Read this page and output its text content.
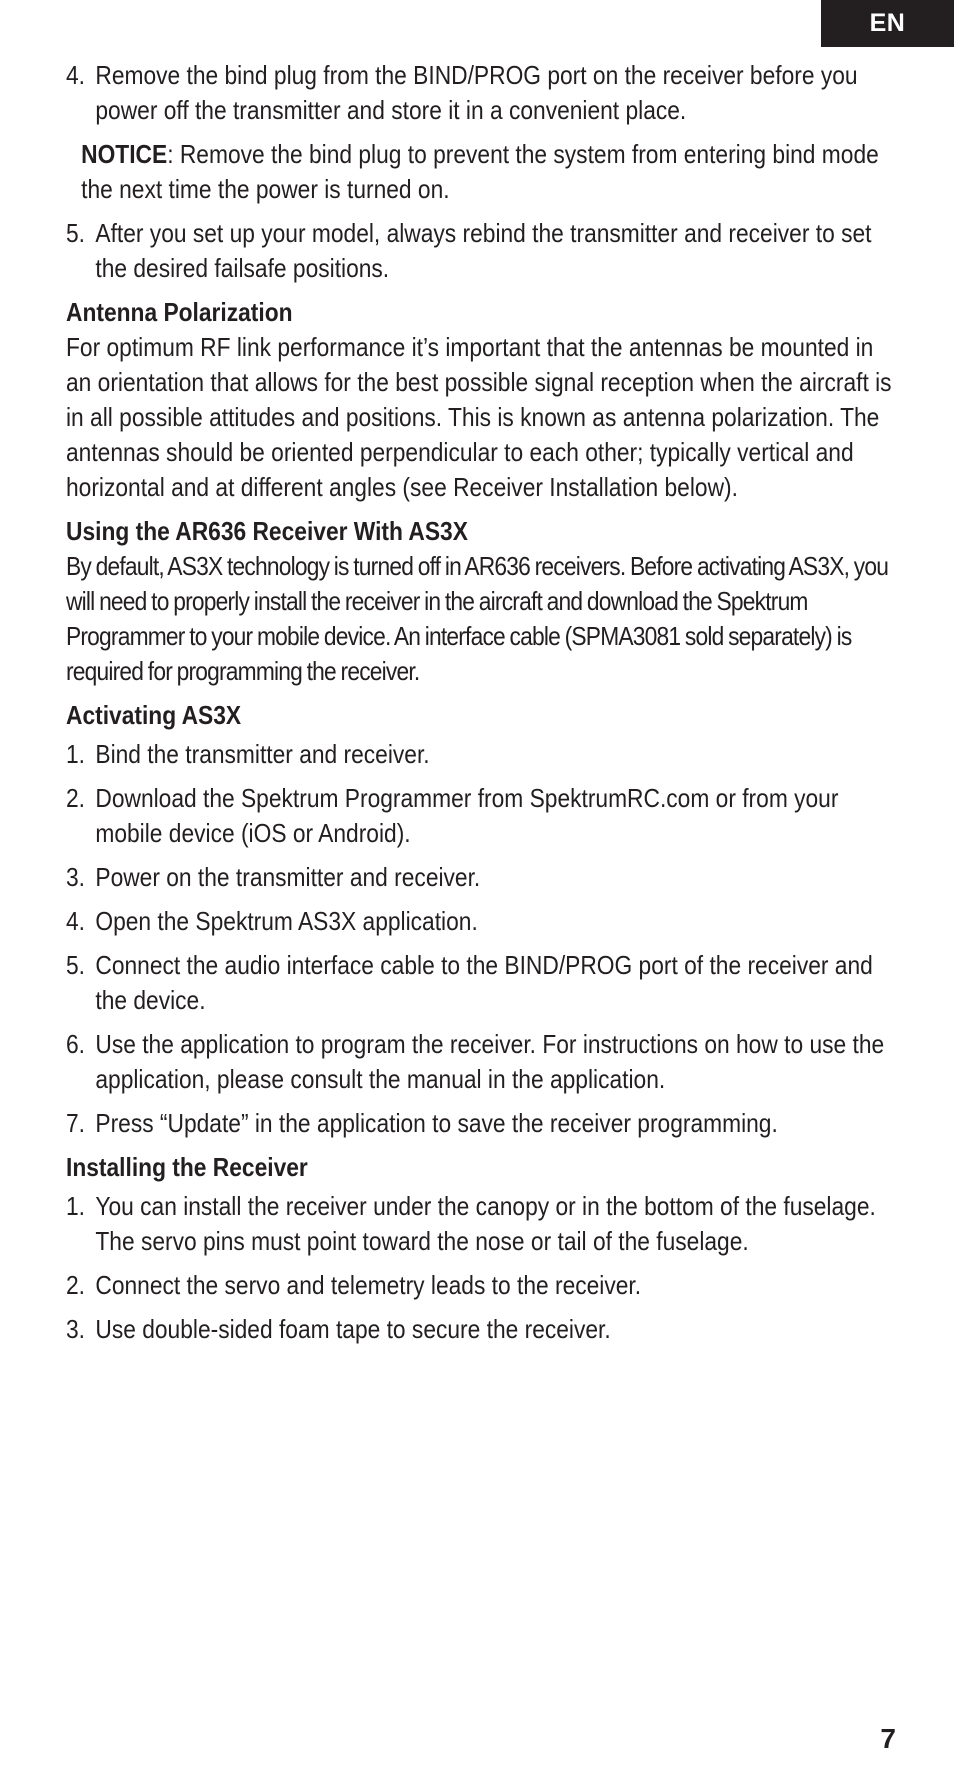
EN
4. Remove the bind plug from the BIND/PROG port on the receiver before you power off the transmitter and store it in a convenient place.

NOTICE: Remove the bind plug to prevent the system from entering bind mode the next time the power is turned on.

5. After you set up your model, always rebind the transmitter and receiver to set the desired failsafe positions.
Antenna Polarization

For optimum RF link performance it’s important that the antennas be mounted in an orientation that allows for the best possible signal reception when the aircraft is in all possible attitudes and positions. This is known as antenna polarization. The antennas should be oriented perpendicular to each other; typically vertical and horizontal and at different angles (see Receiver Installation below).

Using the AR636 Receiver With AS3X

By default, AS3X technology is turned off in AR636 receivers. Before activating AS3X, you will need to properly install the receiver in the aircraft and download the Spektrum Programmer to your mobile device. An interface cable (SPMA3081 sold separately) is required for programming the receiver.

Activating AS3X
1. Bind the transmitter and receiver.
2. Download the Spektrum Programmer from SpektrumRC.com or from your mobile device (iOS or Android).
3. Power on the transmitter and receiver.
4. Open the Spektrum AS3X application.
5. Connect the audio interface cable to the BIND/PROG port of the receiver and the device.
6. Use the application to program the receiver. For instructions on how to use the application, please consult the manual in the application.
7. Press “Update” in the application to save the receiver programming.
Installing the Receiver
1. You can install the receiver under the canopy or in the bottom of the fuselage. The servo pins must point toward the nose or tail of the fuselage.
2. Connect the servo and telemetry leads to the receiver.
3. Use double-sided foam tape to secure the receiver.
7
